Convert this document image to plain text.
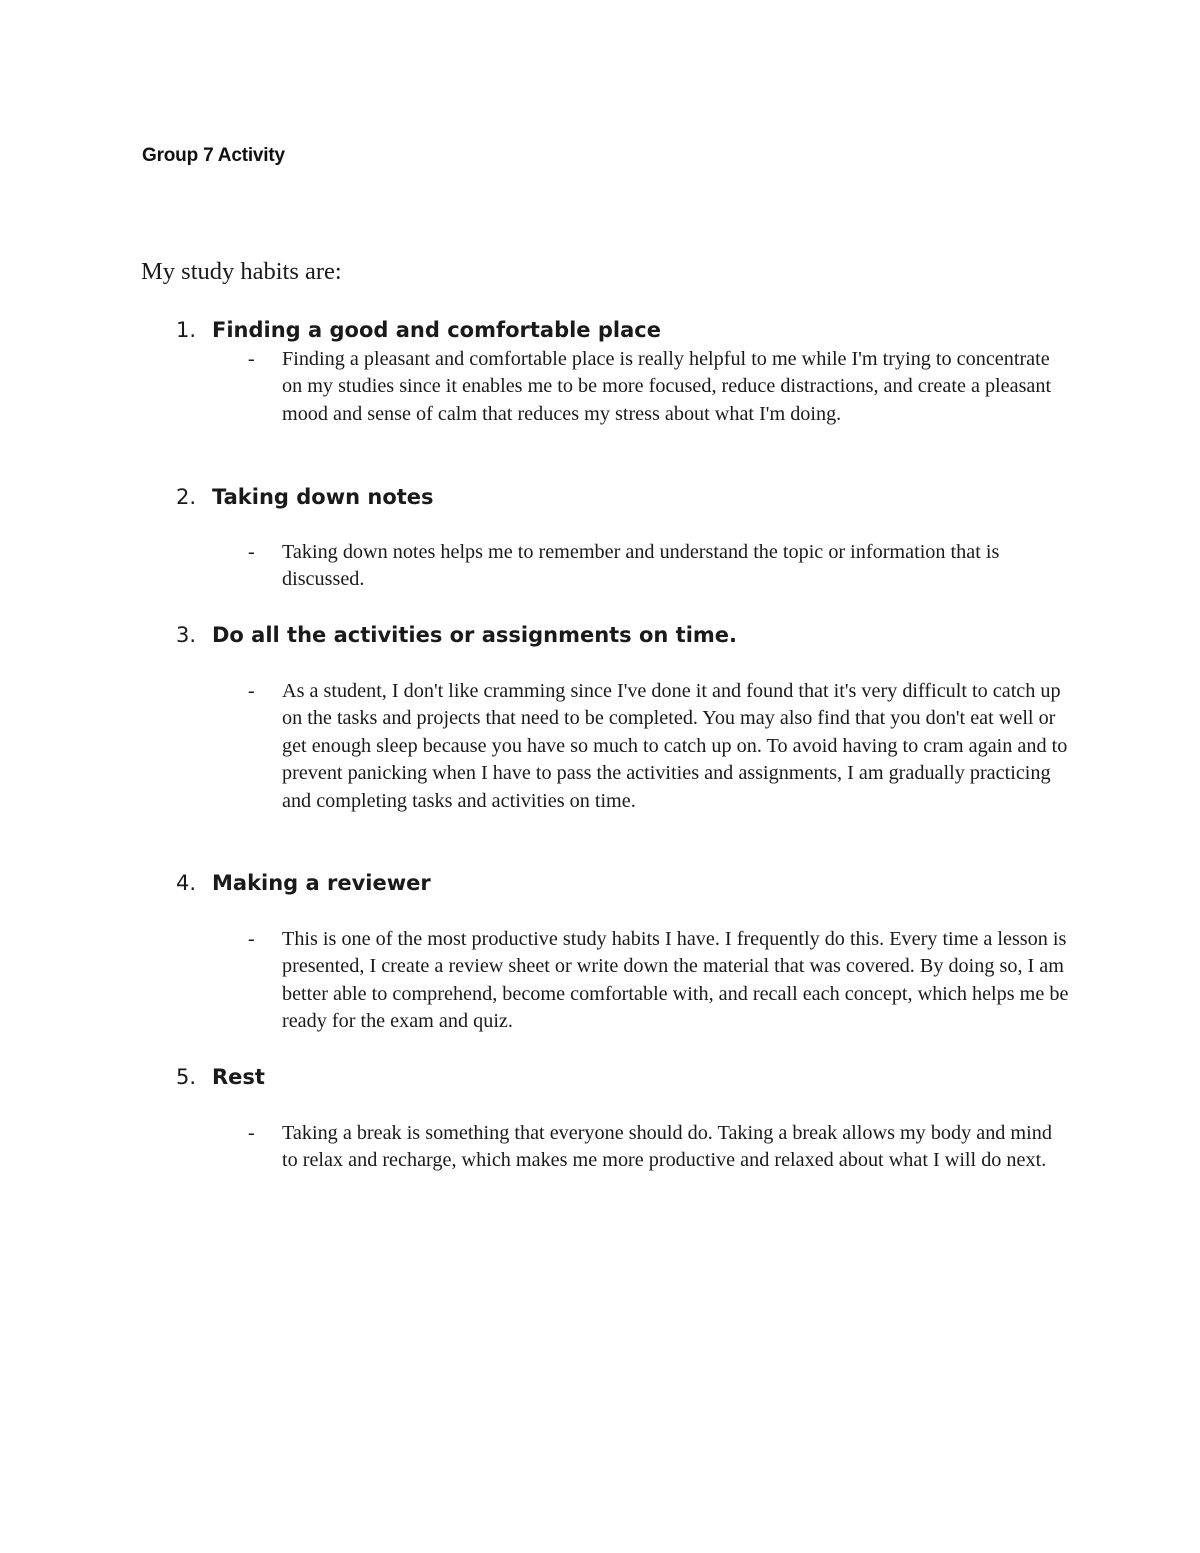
Group 7 Activity
My study habits are:
1. Finding a good and comfortable place
- Finding a pleasant and comfortable place is really helpful to me while I'm trying to concentrate on my studies since it enables me to be more focused, reduce distractions, and create a pleasant mood and sense of calm that reduces my stress about what I'm doing.
2. Taking down notes
- Taking down notes helps me to remember and understand the topic or information that is discussed.
3. Do all the activities or assignments on time.
- As a student, I don't like cramming since I've done it and found that it's very difficult to catch up on the tasks and projects that need to be completed. You may also find that you don't eat well or get enough sleep because you have so much to catch up on. To avoid having to cram again and to prevent panicking when I have to pass the activities and assignments, I am gradually practicing and completing tasks and activities on time.
4. Making a reviewer
- This is one of the most productive study habits I have. I frequently do this. Every time a lesson is presented, I create a review sheet or write down the material that was covered. By doing so, I am better able to comprehend, become comfortable with, and recall each concept, which helps me be ready for the exam and quiz.
5. Rest
- Taking a break is something that everyone should do. Taking a break allows my body and mind to relax and recharge, which makes me more productive and relaxed about what I will do next.
